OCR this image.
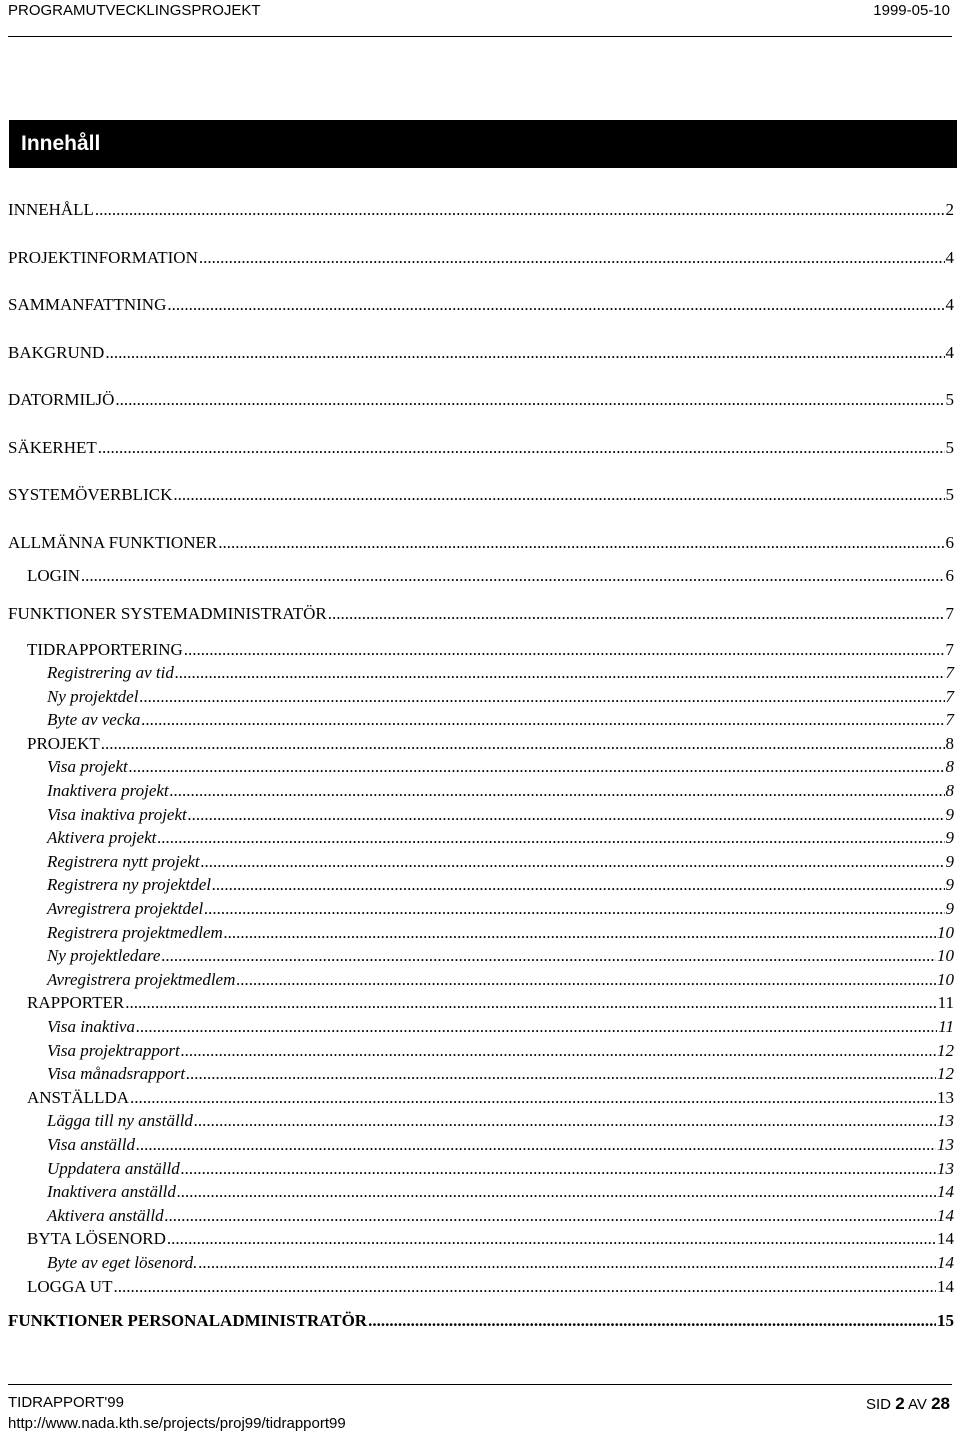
PROGRAMUTVECKLINGSPROJEKT	1999-05-10
Innehåll
INNEHÅLL .....	2
PROJEKTINFORMATION .....	4
SAMMANFATTNING .....	4
BAKGRUND .....	4
DATORMILJÖ .....	5
SÄKERHET .....	5
SYSTEMÖVERBLICK .....	5
ALLMÄNNA FUNKTIONER .....	6
LOGIN .....	6
FUNKTIONER SYSTEMADMINISTRATÖR .....	7
TIDRAPPORTERING .....	7
Registrering av tid .....	7
Ny projektdel .....	7
Byte av vecka .....	7
PROJEKT .....	8
Visa projekt .....	8
Inaktivera projekt .....	8
Visa inaktiva projekt .....	9
Aktivera projekt .....	9
Registrera nytt projekt .....	9
Registrera ny projektdel .....	9
Avregistrera projektdel .....	9
Registrera projektmedlem .....	10
Ny projektledare .....	10
Avregistrera projektmedlem .....	10
RAPPORTER .....	11
Visa inaktiva .....	11
Visa projektrapport .....	12
Visa månadsrapport .....	12
ANSTÄLLDA .....	13
Lägga till ny anställd .....	13
Visa anställd .....	13
Uppdatera anställd .....	13
Inaktivera anställd .....	14
Aktivera anställd .....	14
BYTA LÖSENORD .....	14
Byte av eget lösenord. .....	14
LOGGA UT .....	14
FUNKTIONER PERSONALADMINISTRATÖR .....	15
TIDRAPPORT'99
http://www.nada.kth.se/projects/proj99/tidrapport99
SID 2 AV 28
